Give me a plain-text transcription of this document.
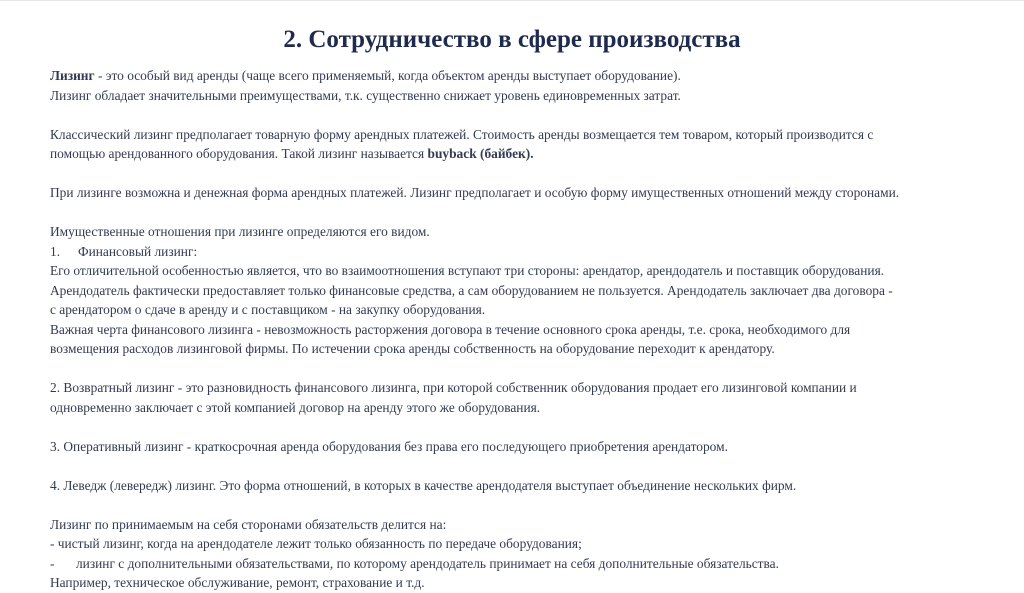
2. Сотрудничество в сфере производства
Лизинг - это особый вид аренды (чаще всего применяемый, когда объектом аренды выступает оборудование).
Лизинг обладает значительными преимуществами, т.к. существенно снижает уровень единовременных затрат.
Классический лизинг предполагает товарную форму арендных платежей. Стоимость аренды возмещается тем товаром, который производится с
помощью арендованного оборудования. Такой лизинг называется buyback (байбек).
При лизинге возможна и денежная форма арендных платежей. Лизинг предполагает и особую форму имущественных отношений между сторонами.
Имущественные отношения при лизинге определяются его видом.
1. Финансовый лизинг:
Его отличительной особенностью является, что во взаимоотношения вступают три стороны: арендатор, арендодатель и поставщик оборудования.
Арендодатель фактически предоставляет только финансовые средства, а сам оборудованием не пользуется. Арендодатель заключает два договора -
с арендатором о сдаче в аренду и с поставщиком - на закупку оборудования.
Важная черта финансового лизинга - невозможность расторжения договора в течение основного срока аренды, т.е. срока, необходимого для
возмещения расходов лизинговой фирмы. По истечении срока аренды собственность на оборудование переходит к арендатору.
2. Возвратный лизинг - это разновидность финансового лизинга, при которой собственник оборудования продает его лизинговой компании и
одновременно заключает с этой компанией договор на аренду этого же оборудования.
3. Оперативный лизинг - краткосрочная аренда оборудования без права его последующего приобретения арендатором.
4. Леведж (левередж) лизинг. Это форма отношений, в которых в качестве арендодателя выступает объединение нескольких фирм.
Лизинг по принимаемым на себя сторонами обязательств делится на:
- чистый лизинг, когда на арендодателе лежит только обязанность по передаче оборудования;
- лизинг с дополнительными обязательствами, по которому арендодатель принимает на себя дополнительные обязательства.
Например, техническое обслуживание, ремонт, страхование и т.д.
